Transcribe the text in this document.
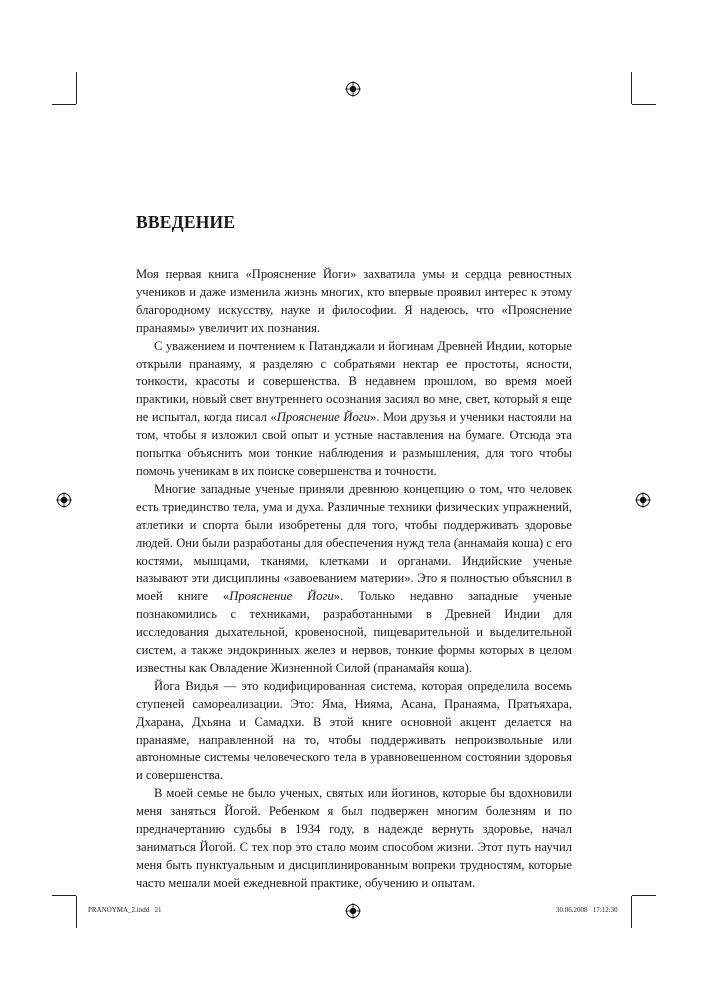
ВВЕДЕНИЕ

Моя первая книга «Прояснение Йоги» захватила умы и сердца ревностных учеников и даже изменила жизнь многих, кто впервые проявил интерес к этому благородному искусству, науке и философии. Я надеюсь, что «Прояснение пранаямы» увеличит их познания.

С уважением и почтением к Патанджали и йогинам Древней Индии, которые открыли пранаяму, я разделяю с собратьями нектар ее простоты, ясности, тонкости, красоты и совершенства. В недавнем прошлом, во время моей практики, новый свет внутреннего осознания засиял во мне, свет, который я еще не испытал, когда писал «Прояснение Йоги». Мои друзья и ученики настояли на том, чтобы я изложил свой опыт и устные наставления на бумаге. Отсюда эта попытка объяснить мои тонкие наблюдения и размышления, для того чтобы помочь ученикам в их поиске совершенства и точности.

Многие западные ученые приняли древнюю концепцию о том, что человек есть триединство тела, ума и духа. Различные техники физических упражнений, атлетики и спорта были изобретены для того, чтобы поддерживать здоровье людей. Они были разработаны для обеспечения нужд тела (аннамайя коша) с его костями, мышцами, тканями, клетками и органами. Индийские ученые называют эти дисциплины «завоеванием материи». Это я полностью объяснил в моей книге «Прояснение Йоги». Только недавно западные ученые познакомились с техниками, разработанными в Древней Индии для исследования дыхательной, кровеносной, пищеварительной и выделительной систем, а также эндокринных желез и нервов, тонкие формы которых в целом известны как Овладение Жизненной Силой (пранамайя коша).

Йога Видья — это кодифицированная система, которая определила восемь ступеней самореализации. Это: Яма, Нияма, Асана, Пранаяма, Пратьяхара, Дхарана, Дхьяна и Самадхи. В этой книге основной акцент делается на пранаяме, направленной на то, чтобы поддерживать непроизвольные или автономные системы человеческого тела в уравновешенном состоянии здоровья и совершенства.

В моей семье не было ученых, святых или йогинов, которые бы вдохновили меня заняться Йогой. Ребенком я был подвержен многим болезням и по предначертанию судьбы в 1934 году, в надежде вернуть здоровье, начал заниматься Йогой. С тех пор это стало моим способом жизни. Этот путь научил меня быть пунктуальным и дисциплинированным вопреки трудностям, которые часто мешали моей ежедневной практике, обучению и опытам.

PRANOYMA_2.indd   21	30.06.2008   17:12:30
